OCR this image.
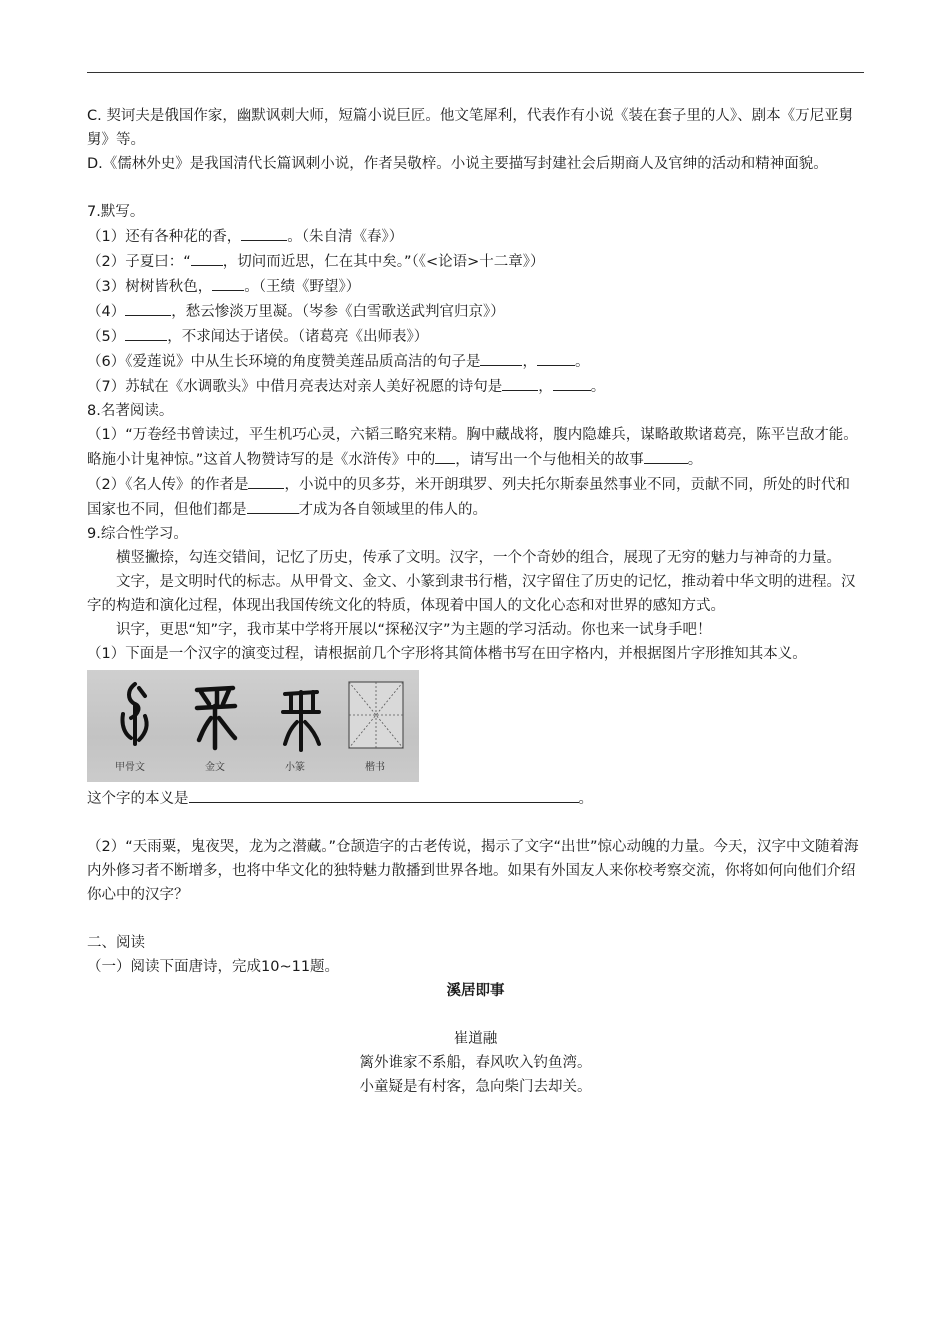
C. 契诃夫是俄国作家，幽默讽刺大师，短篇小说巨匠。他文笔犀利，代表作有小说《装在套子里的人》、剧本《万尼亚舅舅》等。

D.《儒林外史》是我国清代长篇讽刺小说，作者吴敬梓。小说主要描写封建社会后期商人及官绅的活动和精神面貌。

7.默写。

（1）还有各种花的香，	。（朱自清《春》）

（2）子夏曰：“ ，切问而近思，仁在其中矣。”（《<论语>十二章》）

（3）树树皆秋色， 。（王绩《野望》）

（4）	，愁云惨淡万里凝。（岑参《白雪歌送武判官归京》）

（5）	，不求闻达于诸侯。（诸葛亮《出师表》）

（6）《爱莲说》中从生长环境的角度赞美莲品质高洁的句子是	，	。

（7）苏轼在《水调歌头》中借月亮表达对亲人美好祝愿的诗句是 ，	。

8.名著阅读。

（1）“万卷经书曾读过，平生机巧心灵，六韬三略究来精。胸中藏战将，腹内隐雄兵，谋略敢欺诸葛亮，陈平岂敌才能。略施小计鬼神惊。”这首人物赞诗写的是《水浒传》中的 ，请写出一个与他相关的故事	。

（2）《名人传》的作者是 ，小说中的贝多芬，米开朗琪罗、列夫托尔斯泰虽然事业不同，贡献不同，所处的时代和国家也不同，但他们都是	才成为各自领域里的伟人的。

9.综合性学习。

横竖撇捺，勾连交错间，记忆了历史，传承了文明。汉字，一个个奇妙的组合，展现了无穷的魅力与神奇的力量。

文字，是文明时代的标志。从甲骨文、金文、小篆到隶书行楷，汉字留住了历史的记忆，推动着中华文明的进程。汉字的构造和演化过程，体现出我国传统文化的特质，体现着中国人的文化心态和对世界的感知方式。

识字，更思“知”字，我市某中学将开展以“探秘汉字”为主题的学习活动。你也来一试身手吧！

（1）下面是一个汉字的演变过程，请根据前几个字形将其简体楷书写在田字格内，并根据图片字形推知其本义。

甲骨文	金文	小篆	楷书

这个字的本义是	。

（2）“天雨粟，鬼夜哭，龙为之潜藏。”仓颉造字的古老传说，揭示了文字“出世”惊心动魄的力量。今天，汉字中文随着海内外修习者不断增多，也将中华文化的独特魅力散播到世界各地。如果有外国友人来你校考察交流，你将如何向他们介绍你心中的汉字？

二、阅读

（一）阅读下面唐诗，完成10~11题。

溪居即事

崔道融

篱外谁家不系船，春风吹入钓鱼湾。

小童疑是有村客，急向柴门去却关。
